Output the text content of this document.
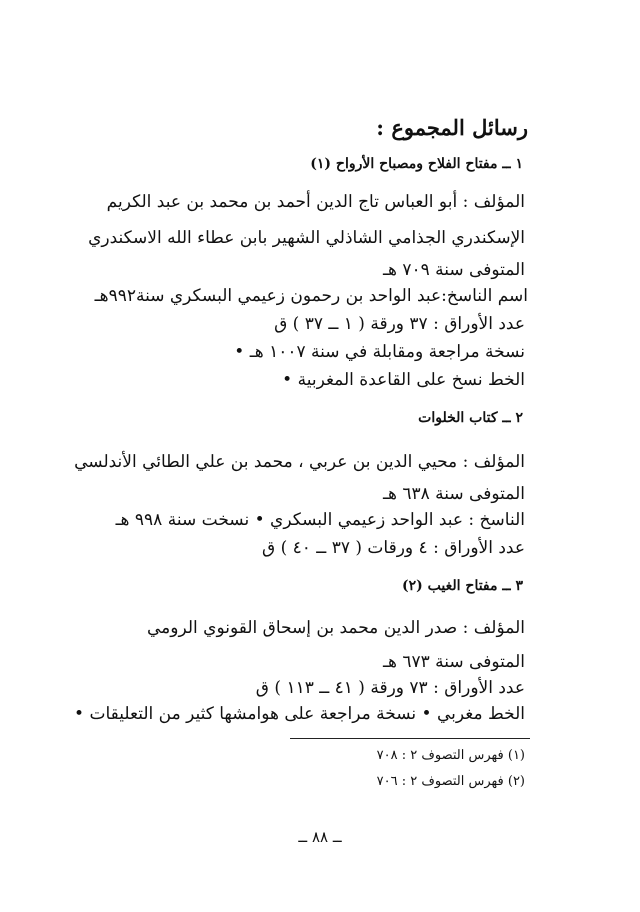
رسائل المجموع :
١ ــ مفتاح الفلاح ومصباح الأرواح (١)
المؤلف : أبو العباس تاج الدين أحمد بن محمد بن عبد الكريم
الإسكندري الجذامي الشاذلي الشهير بابن عطاء الله الاسكندري
المتوفى سنة ٧٠٩ هـ
اسم الناسخ:عبد الواحد بن رحمون زعيمي البسكري سنة٩٩٢هـ
عدد الأوراق : ٣٧ ورقة ( ١ ــ ٣٧ ) ق
نسخة مراجعة ومقابلة في سنة ١٠٠٧ هـ •
الخط نسخ على القاعدة المغربية •
٢ ــ كتاب الخلوات
المؤلف : محيي الدين بن عربي ، محمد بن علي الطائي الأندلسي
المتوفى سنة ٦٣٨ هـ
الناسخ : عبد الواحد زعيمي البسكري • نسخت سنة ٩٩٨ هـ
عدد الأوراق : ٤ ورقات ( ٣٧ ــ ٤٠ ) ق
٣ ــ مفتاح الغيب (٢)
المؤلف : صدر الدين محمد بن إسحاق القونوي الرومي
المتوفى سنة ٦٧٣ هـ
عدد الأوراق : ٧٣ ورقة ( ٤١ ــ ١١٣ ) ق
الخط مغربي • نسخة مراجعة على هوامشها كثير من التعليقات •
(١) فهرس التصوف ٢ : ٧٠٨
(٢) فهرس التصوف ٢ : ٧٠٦
ــ ٨٨ ــ
